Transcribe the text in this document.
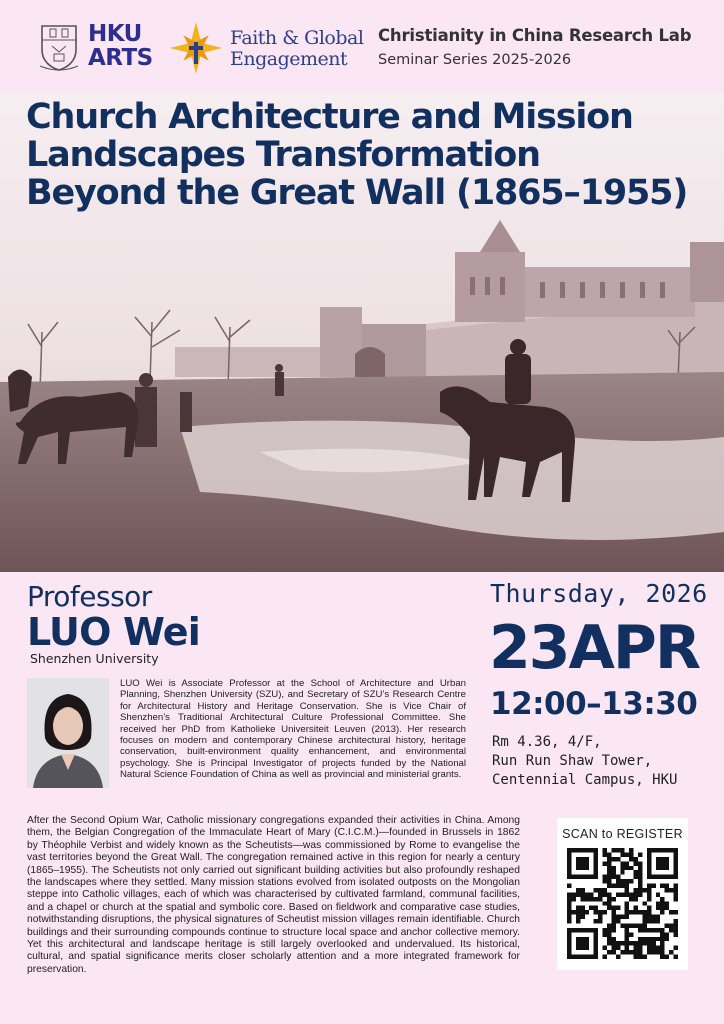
HKU
ARTS
Faith & Global
Engagement
Christianity in China Research Lab
Seminar Series 2025-2026
Church Architecture and Mission
Landscapes Transformation
Beyond the Great Wall (1865–1955)
Professor
LUO Wei
Shenzhen University
LUO Wei is Associate Professor at the School of Architecture and Urban Planning, Shenzhen University (SZU), and Secretary of SZU’s Research Centre for Architectural History and Heritage Conservation. She is Vice Chair of Shenzhen’s Traditional Architectural Culture Professional Committee. She received her PhD from Katholieke Universiteit Leuven (2013). Her research focuses on modern and contemporary Chinese architectural history, heritage conservation, built-environment quality enhancement, and environmental psychology. She is Principal Investigator of projects funded by the National Natural Science Foundation of China as well as provincial and ministerial grants.
Thursday, 2026
23APR
12:00–13:30
Rm 4.36, 4/F,
Run Run Shaw Tower,
Centennial Campus, HKU
After the Second Opium War, Catholic missionary congregations expanded their activities in China. Among them, the Belgian Congregation of the Immaculate Heart of Mary (C.I.C.M.)—founded in Brussels in 1862 by Théophile Verbist and widely known as the Scheutists—was commissioned by Rome to evangelise the vast territories beyond the Great Wall. The congregation remained active in this region for nearly a century (1865–1955). The Scheutists not only carried out significant building activities but also profoundly reshaped the landscapes where they settled. Many mission stations evolved from isolated outposts on the Mongolian steppe into Catholic villages, each of which was characterised by cultivated farmland, communal facilities, and a chapel or church at the spatial and symbolic core. Based on fieldwork and comparative case studies, notwithstanding disruptions, the physical signatures of Scheutist mission villages remain identifiable. Church buildings and their surrounding compounds continue to structure local space and anchor collective memory. Yet this architectural and landscape heritage is still largely overlooked and undervalued. Its historical, cultural, and spatial significance merits closer scholarly attention and a more integrated framework for preservation.
SCAN to REGISTER
